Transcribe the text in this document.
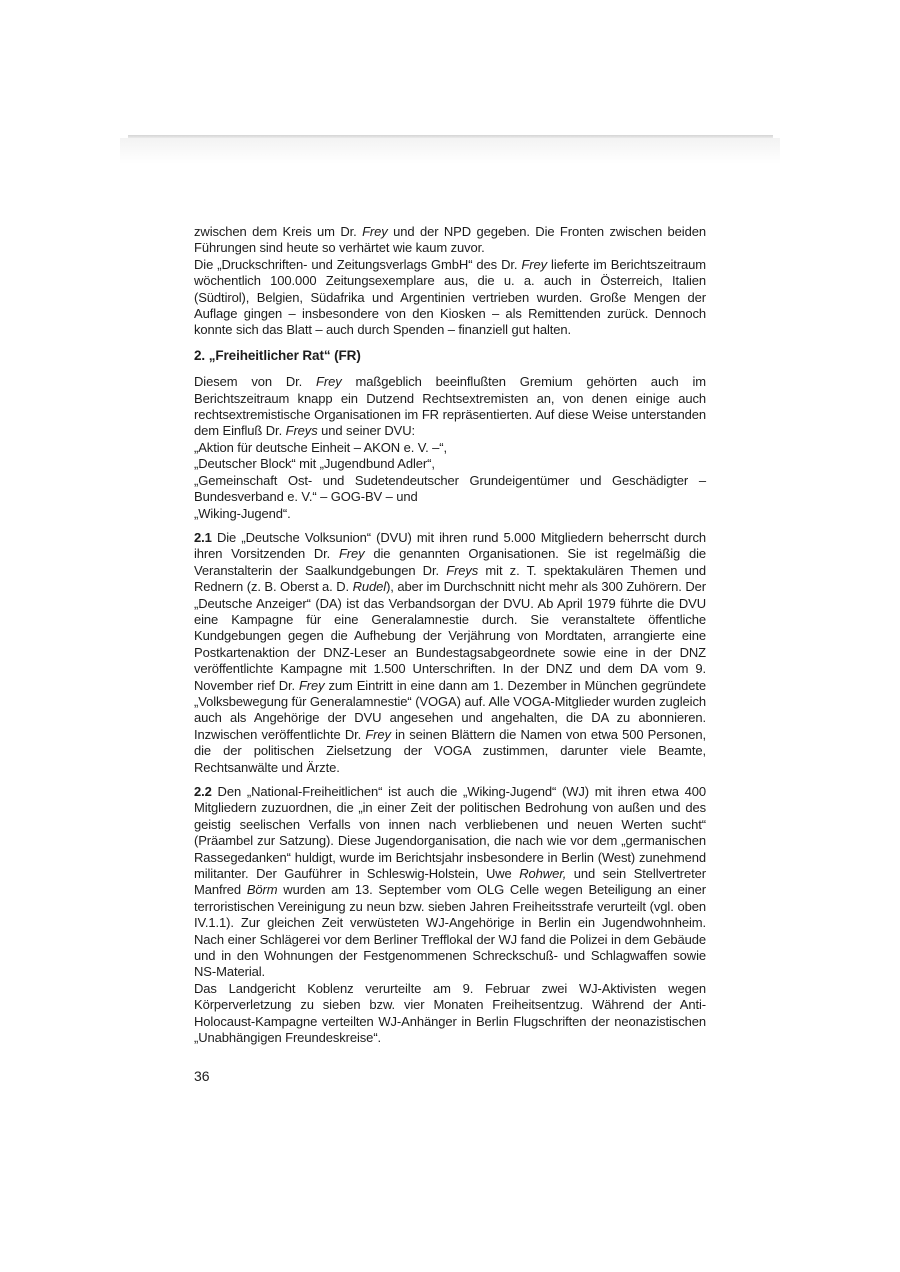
zwischen dem Kreis um Dr. Frey und der NPD gegeben. Die Fronten zwischen beiden Führungen sind heute so verhärtet wie kaum zuvor.

Die „Druckschriften- und Zeitungsverlags GmbH“ des Dr. Frey lieferte im Berichtszeitraum wöchentlich 100.000 Zeitungsexemplare aus, die u. a. auch in Österreich, Italien (Südtirol), Belgien, Südafrika und Argentinien vertrieben wurden. Große Mengen der Auflage gingen – insbesondere von den Kiosken – als Remittenden zurück. Dennoch konnte sich das Blatt – auch durch Spenden – finanziell gut halten.

2. „Freiheitlicher Rat“ (FR)

Diesem von Dr. Frey maßgeblich beeinflußten Gremium gehörten auch im Berichtszeitraum knapp ein Dutzend Rechtsextremisten an, von denen einige auch rechtsextremistische Organisationen im FR repräsentierten. Auf diese Weise unterstanden dem Einfluß Dr. Freys und seiner DVU:

„Aktion für deutsche Einheit – AKON e. V. –“,

„Deutscher Block“ mit „Jugendbund Adler“,

„Gemeinschaft Ost- und Sudetendeutscher Grundeigentümer und Geschädigter – Bundesverband e. V.“ – GOG-BV – und

„Wiking-Jugend“.

2.1 Die „Deutsche Volksunion“ (DVU) mit ihren rund 5.000 Mitgliedern beherrscht durch ihren Vorsitzenden Dr. Frey die genannten Organisationen. Sie ist regelmäßig die Veranstalterin der Saalkundgebungen Dr. Freys mit z. T. spektakulären Themen und Rednern (z. B. Oberst a. D. Rudel), aber im Durchschnitt nicht mehr als 300 Zuhörern. Der „Deutsche Anzeiger“ (DA) ist das Verbandsorgan der DVU. Ab April 1979 führte die DVU eine Kampagne für eine Generalamnestie durch. Sie veranstaltete öffentliche Kundgebungen gegen die Aufhebung der Verjährung von Mordtaten, arrangierte eine Postkartenaktion der DNZ-Leser an Bundestagsabgeordnete sowie eine in der DNZ veröffentlichte Kampagne mit 1.500 Unterschriften. In der DNZ und dem DA vom 9. November rief Dr. Frey zum Eintritt in eine dann am 1. Dezember in München gegründete „Volksbewegung für Generalamnestie“ (VOGA) auf. Alle VOGA-Mitglieder wurden zugleich auch als Angehörige der DVU angesehen und angehalten, die DA zu abonnieren. Inzwischen veröffentlichte Dr. Frey in seinen Blättern die Namen von etwa 500 Personen, die der politischen Zielsetzung der VOGA zustimmen, darunter viele Beamte, Rechtsanwälte und Ärzte.

2.2 Den „National-Freiheitlichen“ ist auch die „Wiking-Jugend“ (WJ) mit ihren etwa 400 Mitgliedern zuzuordnen, die „in einer Zeit der politischen Bedrohung von außen und des geistig seelischen Verfalls von innen nach verbliebenen und neuen Werten sucht“ (Präambel zur Satzung). Diese Jugendorganisation, die nach wie vor dem „germanischen Rassegedanken“ huldigt, wurde im Berichtsjahr insbesondere in Berlin (West) zunehmend militanter. Der Gauführer in Schleswig-Holstein, Uwe Rohwer, und sein Stellvertreter Manfred Börm wurden am 13. September vom OLG Celle wegen Beteiligung an einer terroristischen Vereinigung zu neun bzw. sieben Jahren Freiheitsstrafe verurteilt (vgl. oben IV.1.1). Zur gleichen Zeit verwüsteten WJ-Angehörige in Berlin ein Jugendwohnheim. Nach einer Schlägerei vor dem Berliner Trefflokal der WJ fand die Polizei in dem Gebäude und in den Wohnungen der Festgenommenen Schreckschuß- und Schlagwaffen sowie NS-Material.

Das Landgericht Koblenz verurteilte am 9. Februar zwei WJ-Aktivisten wegen Körperverletzung zu sieben bzw. vier Monaten Freiheitsentzug. Während der Anti-Holocaust-Kampagne verteilten WJ-Anhänger in Berlin Flugschriften der neonazistischen „Unabhängigen Freundeskreise“.

36
